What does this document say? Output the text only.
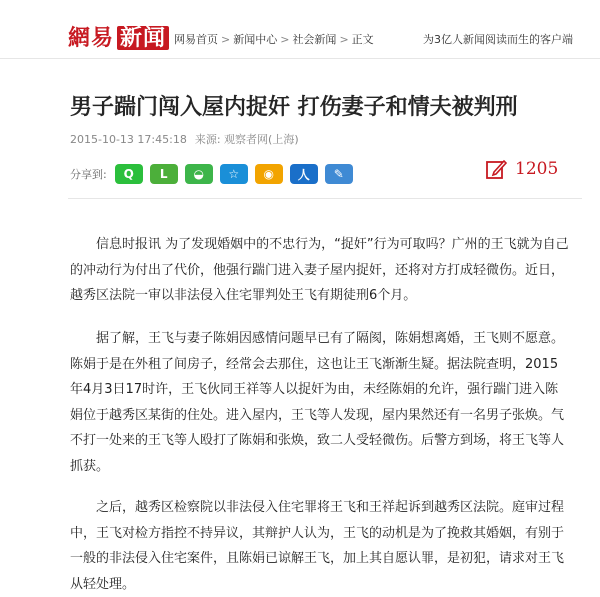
網易 新闻 网易首页 > 新闻中心 > 社会新闻 > 正文	为3亿人新闻阅读而生的客户端
男子踹门闯入屋内捉奸 打伤妻子和情夫被判刑
2015-10-13 17:45:18 来源: 观察者网(上海)
分享到:	Q	L	◒	☆	◉	人	✎	1205

信息时报讯 为了发现婚姻中的不忠行为，“捉奸”行为可取吗？广州的王飞就为自己的冲动行为付出了代价，他强行踹门进入妻子屋内捉奸，还将对方打成轻微伤。近日，越秀区法院一审以非法侵入住宅罪判处王飞有期徒刑6个月。

据了解，王飞与妻子陈娟因感情问题早已有了隔阂，陈娟想离婚，王飞则不愿意。陈娟于是在外租了间房子，经常会去那住，这也让王飞渐渐生疑。据法院查明，2015年4月3日17时许，王飞伙同王祥等人以捉奸为由，未经陈娟的允许，强行踹门进入陈娟位于越秀区某街的住处。进入屋内，王飞等人发现，屋内果然还有一名男子张焕。气不打一处来的王飞等人殴打了陈娟和张焕，致二人受轻微伤。后警方到场，将王飞等人抓获。

之后，越秀区检察院以非法侵入住宅罪将王飞和王祥起诉到越秀区法院。庭审过程中，王飞对检方指控不持异议，其辩护人认为，王飞的动机是为了挽救其婚姻，有别于一般的非法侵入住宅案件，且陈娟已谅解王飞，加上其自愿认罪，是初犯，请求对王飞从轻处理。
